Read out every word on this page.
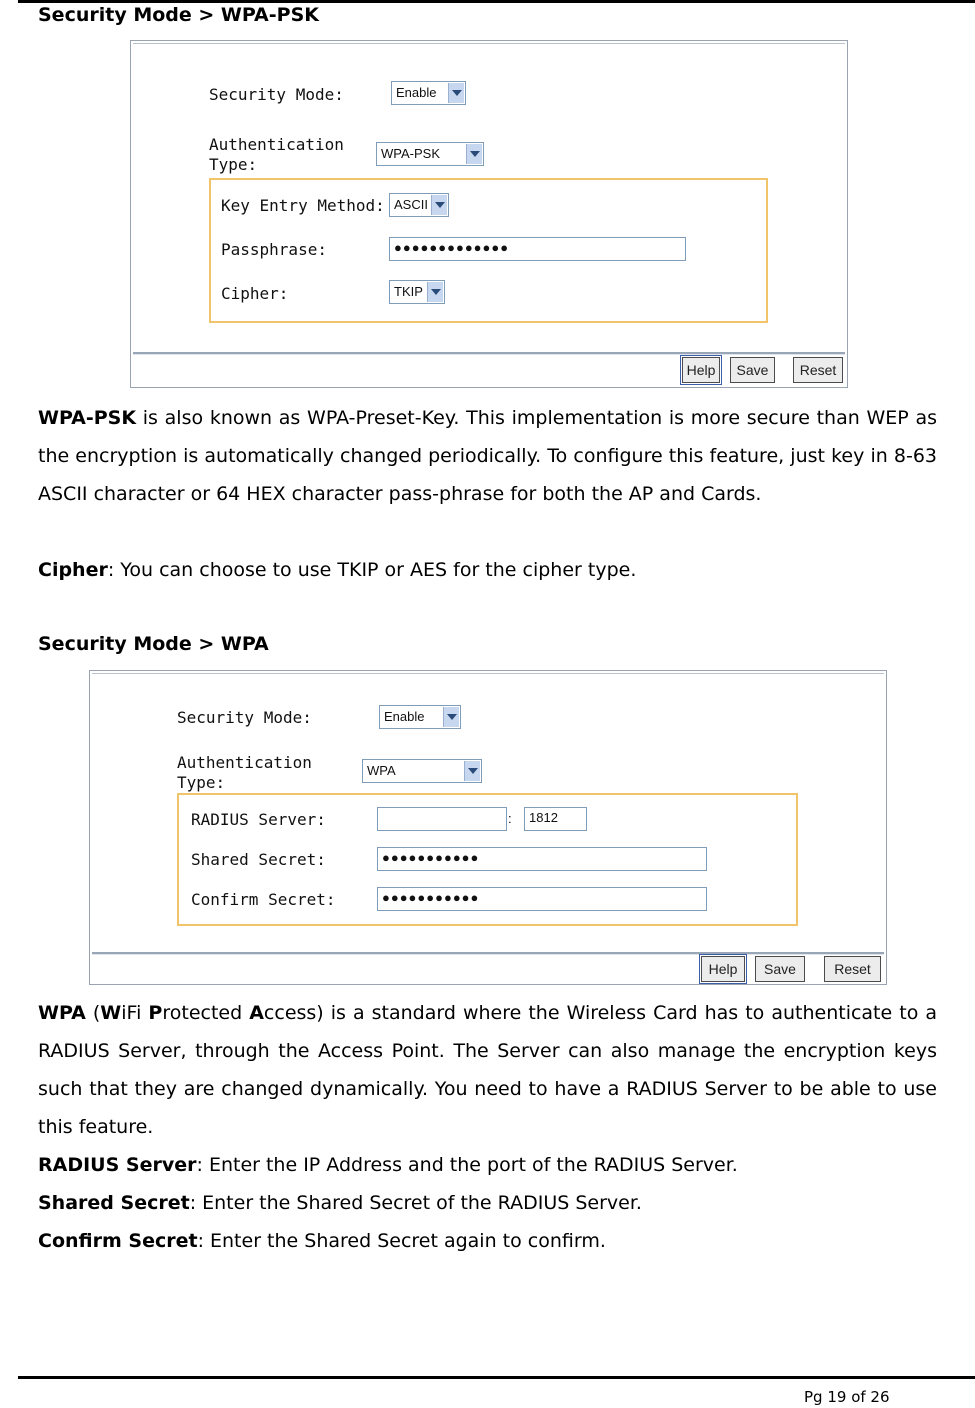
Security Mode > WPA-PSK
Security Mode:	Enable
Authentication
Type:
WPA-PSK
Key Entry Method: ASCII
Passphrase:	●●●●●●●●●●●●●
Cipher:	TKIP
Help	Save	Reset
WPA-PSK is also known as WPA-Preset-Key. This implementation is more secure than WEP as the encryption is automatically changed periodically. To configure this feature, just key in 8-63 ASCII character or 64 HEX character pass-phrase for both the AP and Cards.
Cipher: You can choose to use TKIP or AES for the cipher type.
Security Mode > WPA
Security Mode:	Enable
Authentication
Type:
WPA
RADIUS Server:	:	1812
Shared Secret:	●●●●●●●●●●●
Confirm Secret:	●●●●●●●●●●●
Help	Save	Reset
WPA (WiFi Protected Access) is a standard where the Wireless Card has to authenticate to a RADIUS Server, through the Access Point. The Server can also manage the encryption keys such that they are changed dynamically. You need to have a RADIUS Server to be able to use this feature.
RADIUS Server: Enter the IP Address and the port of the RADIUS Server.
Shared Secret: Enter the Shared Secret of the RADIUS Server.
Confirm Secret: Enter the Shared Secret again to confirm.
Pg 19 of 26
